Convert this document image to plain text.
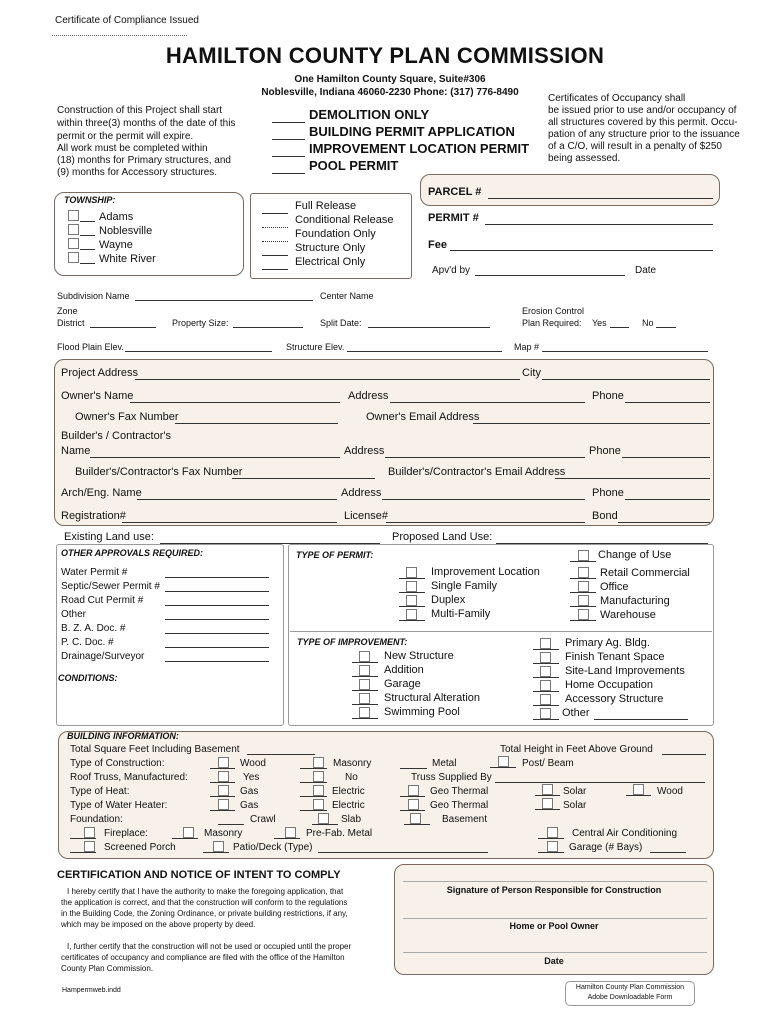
Certificate of Compliance Issued
HAMILTON COUNTY PLAN COMMISSION
One Hamilton County Square, Suite#306
Noblesville, Indiana 46060-2230 Phone: (317) 776-8490
Construction of this Project shall start
within three(3) months of the date of this
permit or the permit will expire.
All work must be completed within
(18) months for Primary structures, and
(9) months for Accessory structures.
Certificates of Occupancy shall
be issued prior to use and/or occupancy of
all structures covered by this permit. Occu-
pation of any structure prior to the issuance
of a C/O, will result in a penalty of $250
being assessed.
DEMOLITION ONLY
BUILDING PERMIT APPLICATION
IMPROVEMENT LOCATION PERMIT
POOL PERMIT
TOWNSHIP:
Adams
Noblesville
Wayne
White River
Full Release
Conditional Release
Foundation Only
Structure Only
Electrical Only
PARCEL #
PERMIT #
Fee
Apv'd by	Date
Subdivision Name	Center Name
Zone
District	Property Size:	Split Date:
Erosion Control
Plan Required: Yes	No
Flood Plain Elev.	Structure Elev.	Map #
Project Address	City
Owner's Name	Address	Phone
Owner's Fax Number	Owner's Email Address
Builder's / Contractor's
Name	Address	Phone
Builder's/Contractor's Fax Number	Builder's/Contractor's Email Address
Arch/Eng. Name	Address	Phone
Registration#	License#	Bond
Existing Land use:	Proposed Land Use:
OTHER APPROVALS REQUIRED:
Water Permit #
Septic/Sewer Permit #
Road Cut Permit #
Other
B. Z. A. Doc. #
P. C. Doc. #
Drainage/Surveyor
CONDITIONS:
TYPE OF PERMIT:
Improvement Location
Single Family
Duplex
Multi-Family
Change of Use
Retail Commercial
Office
Manufacturing
Warehouse
TYPE OF IMPROVEMENT:
New Structure
Addition
Garage
Structural Alteration
Swimming Pool
Primary Ag. Bldg.
Finish Tenant Space
Site-Land Improvements
Home Occupation
Accessory Structure
Other
BUILDING INFORMATION:
Total Square Feet Including Basement	Total Height in Feet Above Ground
Type of Construction:	Wood	Masonry	Metal	Post/ Beam
Roof Truss, Manufactured:	Yes	No	Truss Supplied By
Type of Heat:	Gas	Electric	Geo Thermal	Solar	Wood
Type of Water Heater:	Gas	Electric	Geo Thermal	Solar
Foundation:	Crawl	Slab	Basement
Fireplace:	Masonry	Pre-Fab. Metal	Central Air Conditioning
Screened Porch	Patio/Deck (Type)	Garage (# Bays)
CERTIFICATION AND NOTICE OF INTENT TO COMPLY
I hereby certify that I have the authority to make the foregoing application, that
the application is correct, and that the construction will conform to the regulations
in the Building Code, the Zoning Ordinance, or private building restrictions, if any,
which may be imposed on the above property by deed.
I, further certify that the construction will not be used or occupied until the proper
certificates of occupancy and compliance are filed with the office of the Hamilton
County Plan Commission.
Signature of Person Responsible for Construction
Home or Pool Owner
Date
Hampermweb.indd	Hamilton County Plan Commission
Adobe Downloadable Form
